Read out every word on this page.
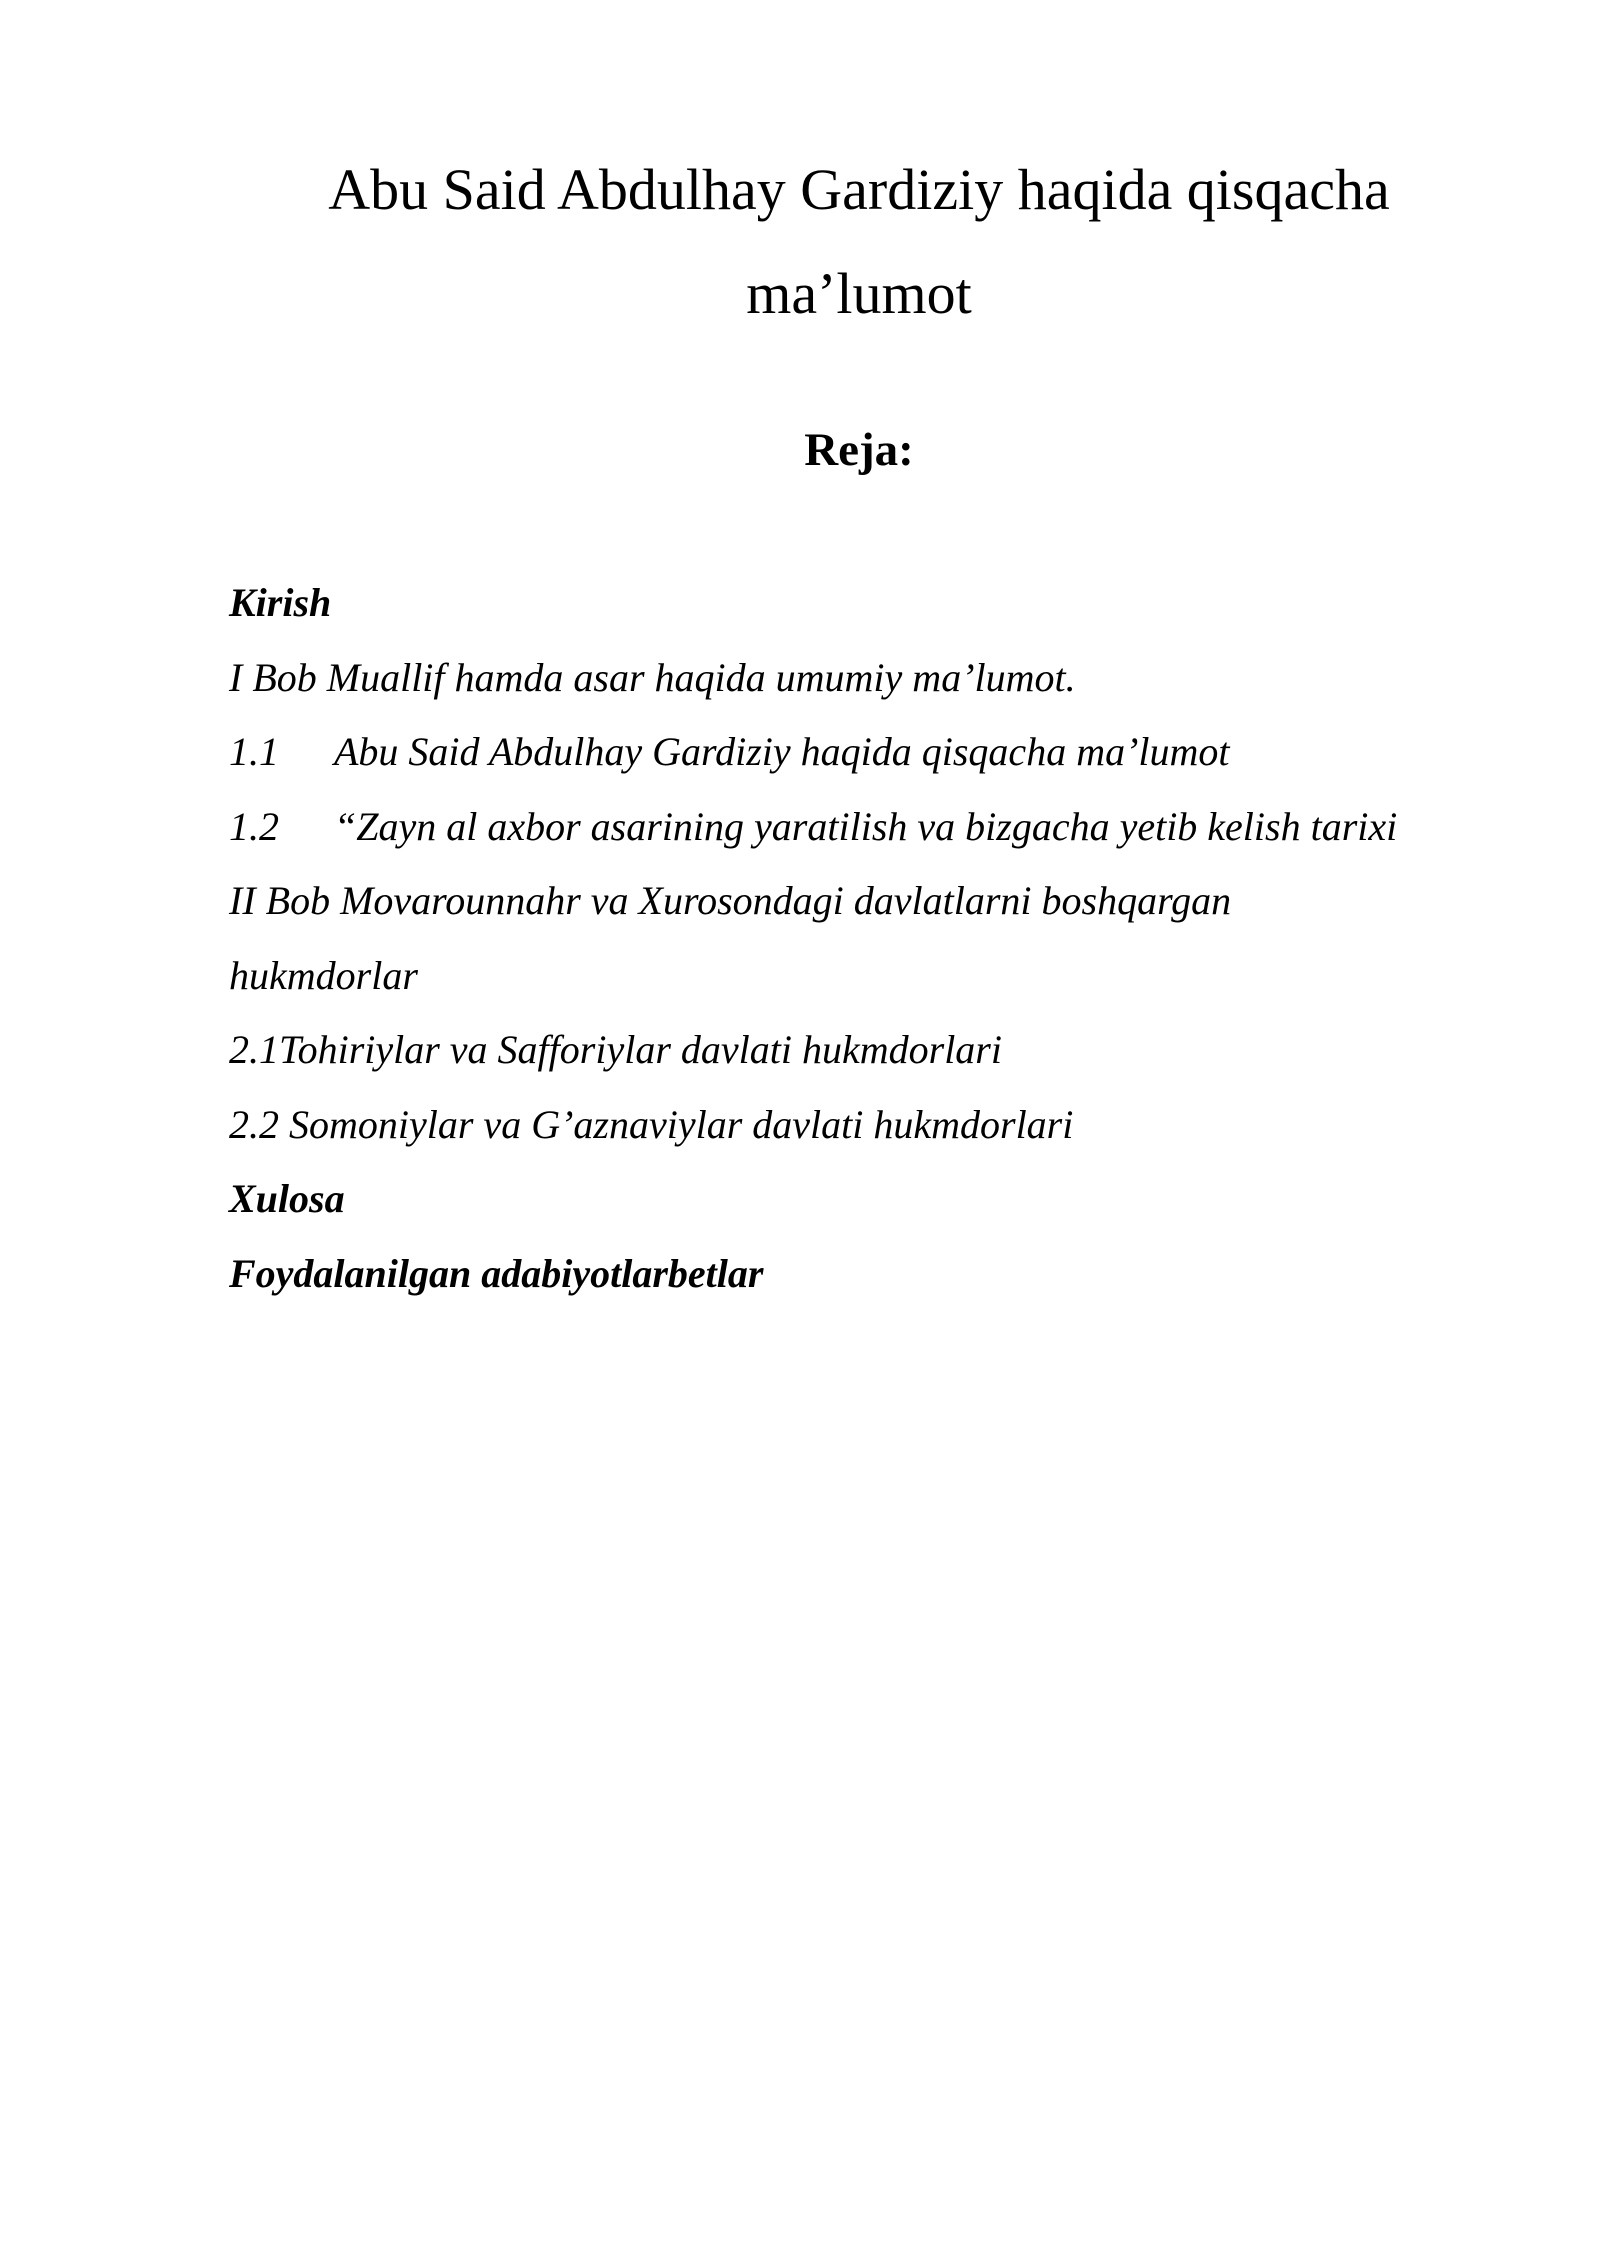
Abu Said Abdulhay Gardiziy haqida qisqacha
ma’lumot
Reja:
Kirish
I Bob Muallif hamda asar haqida umumiy ma’lumot.
1.1 Abu Said Abdulhay Gardiziy haqida qisqacha ma’lumot
1.2 “Zayn al axbor asarining yaratilish va bizgacha yetib kelish tarixi
II Bob Movarounnahr va Xurosondagi davlatlarni boshqargan
hukmdorlar
2.1Tohiriylar va Safforiylar davlati hukmdorlari
2.2 Somoniylar va G’aznaviylar davlati hukmdorlari
Xulosa
Foydalanilgan adabiyotlarbetlar
